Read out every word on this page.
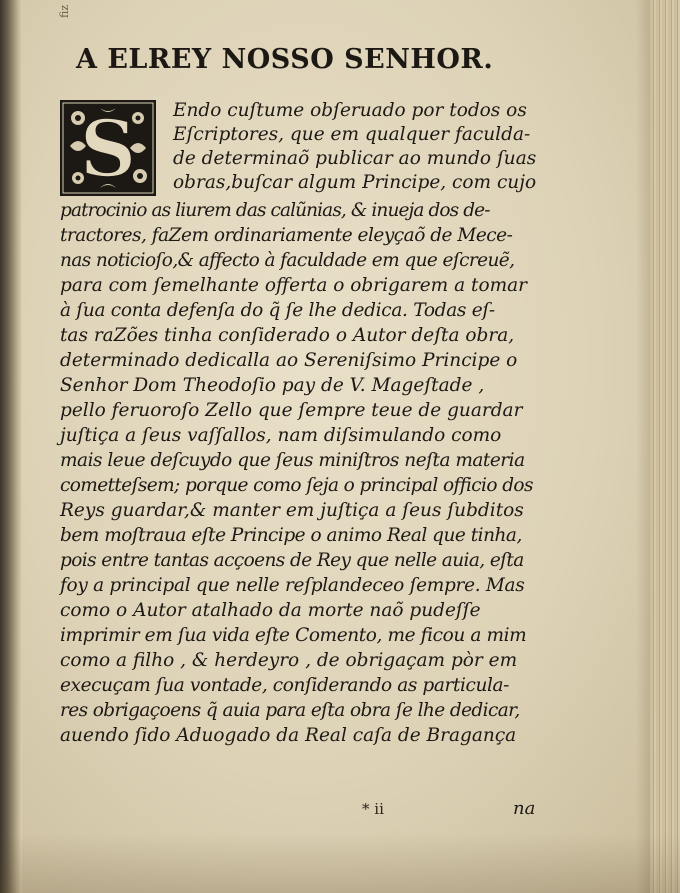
fiz
A ELREY NOSSO SENHOR.
S Endo cuſtume obſeruado por todos os
Eſcriptores, que em qualquer faculda-
de determinaõ publicar ao mundo ſuas
obras,buſcar algum Principe, com cujo
patrocinio as liurem das calũnias, & inueja dos de-
tractores, faZem ordinariamente eleyçaõ de Mece-
nas noticioſo,& affecto à faculdade em que eſcreuẽ,
para com ſemelhante offerta o obrigarem a tomar
à ſua conta defenſa do q̃ ſe lhe dedica. Todas eſ-
tas raZões tinha conſiderado o Autor deſta obra,
determinado dedicalla ao Sereniſsimo Principe o
Senhor Dom Theodoſio pay de V. Mageſtade ,
pello feruoroſo Zello que ſempre teue de guardar
juſtiça a ſeus vaſſallos, nam diſsimulando como
mais leue deſcuydo que ſeus miniſtros neſta materia
cometteſsem; porque como ſeja o principal officio dos
Reys guardar,& manter em juſtiça a ſeus ſubditos
bem moſtraua eſte Principe o animo Real que tinha,
pois entre tantas acçoens de Rey que nelle auia, eſta
foy a principal que nelle reſplandeceo ſempre. Mas
como o Autor atalhado da morte naõ pudeſſe
imprimir em ſua vida eſte Comento, me ficou a mim
como a filho , & herdeyro , de obrigaçam pòr em
execuçam ſua vontade, conſiderando as particula-
res obrigaçoens q̃ auia para eſta obra ſe lhe dedicar,
auendo ſido Aduogado da Real caſa de Bragança
* ii	na
